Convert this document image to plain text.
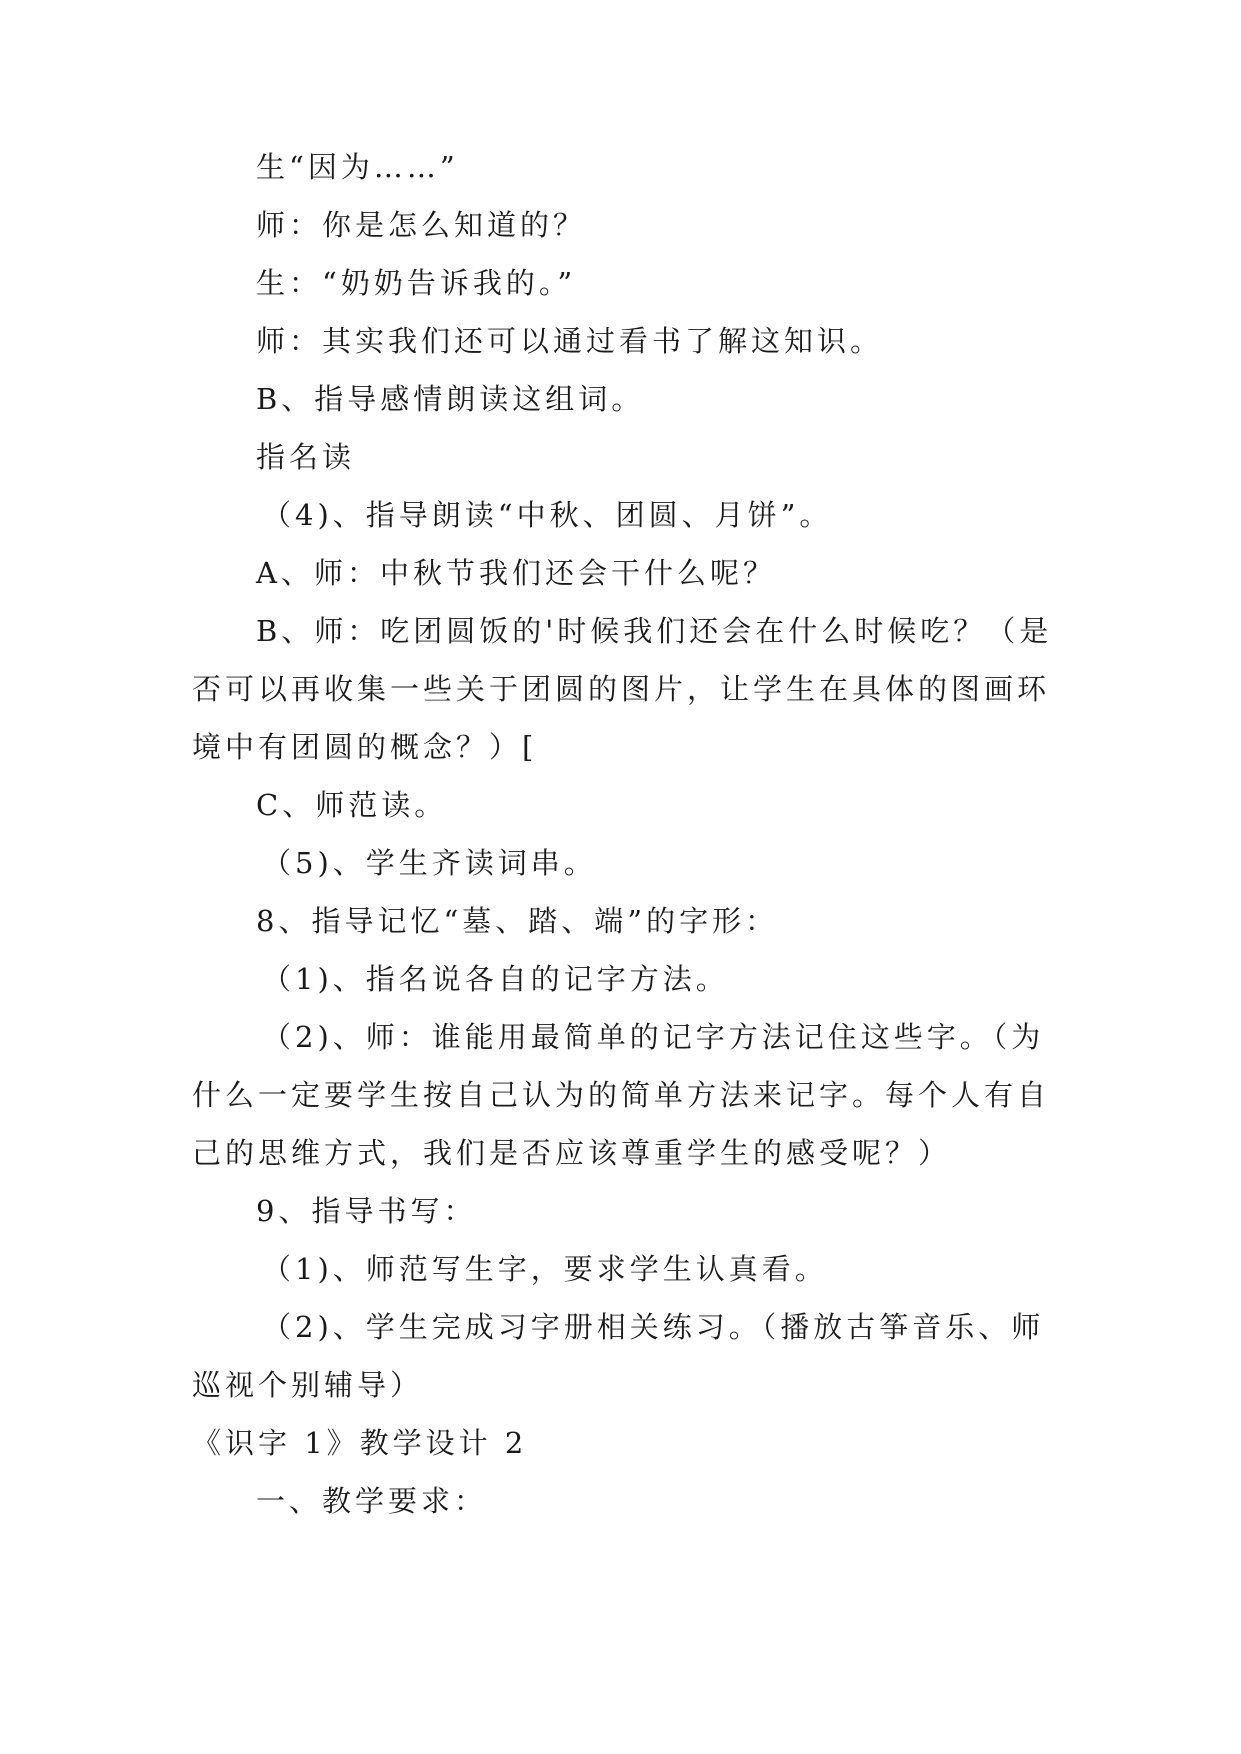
生“因为……”
师：你是怎么知道的？
生：“奶奶告诉我的。”
师：其实我们还可以通过看书了解这知识。
B、指导感情朗读这组词。
指名读
（4)、指导朗读“中秋、团圆、月饼”。
A、师：中秋节我们还会干什么呢？
B、师：吃团圆饭的'时候我们还会在什么时候吃？（是
否可以再收集一些关于团圆的图片，让学生在具体的图画环
境中有团圆的概念？）[
C、师范读。
（5)、学生齐读词串。
8、指导记忆“墓、踏、端”的字形：
（1)、指名说各自的记字方法。
（2)、师：谁能用最简单的记字方法记住这些字。（为
什么一定要学生按自己认为的简单方法来记字。每个人有自
己的思维方式，我们是否应该尊重学生的感受呢？）
9、指导书写：
（1)、师范写生字，要求学生认真看。
（2)、学生完成习字册相关练习。（播放古筝音乐、师
巡视个别辅导）
《识字 1》教学设计 2
一、教学要求：
